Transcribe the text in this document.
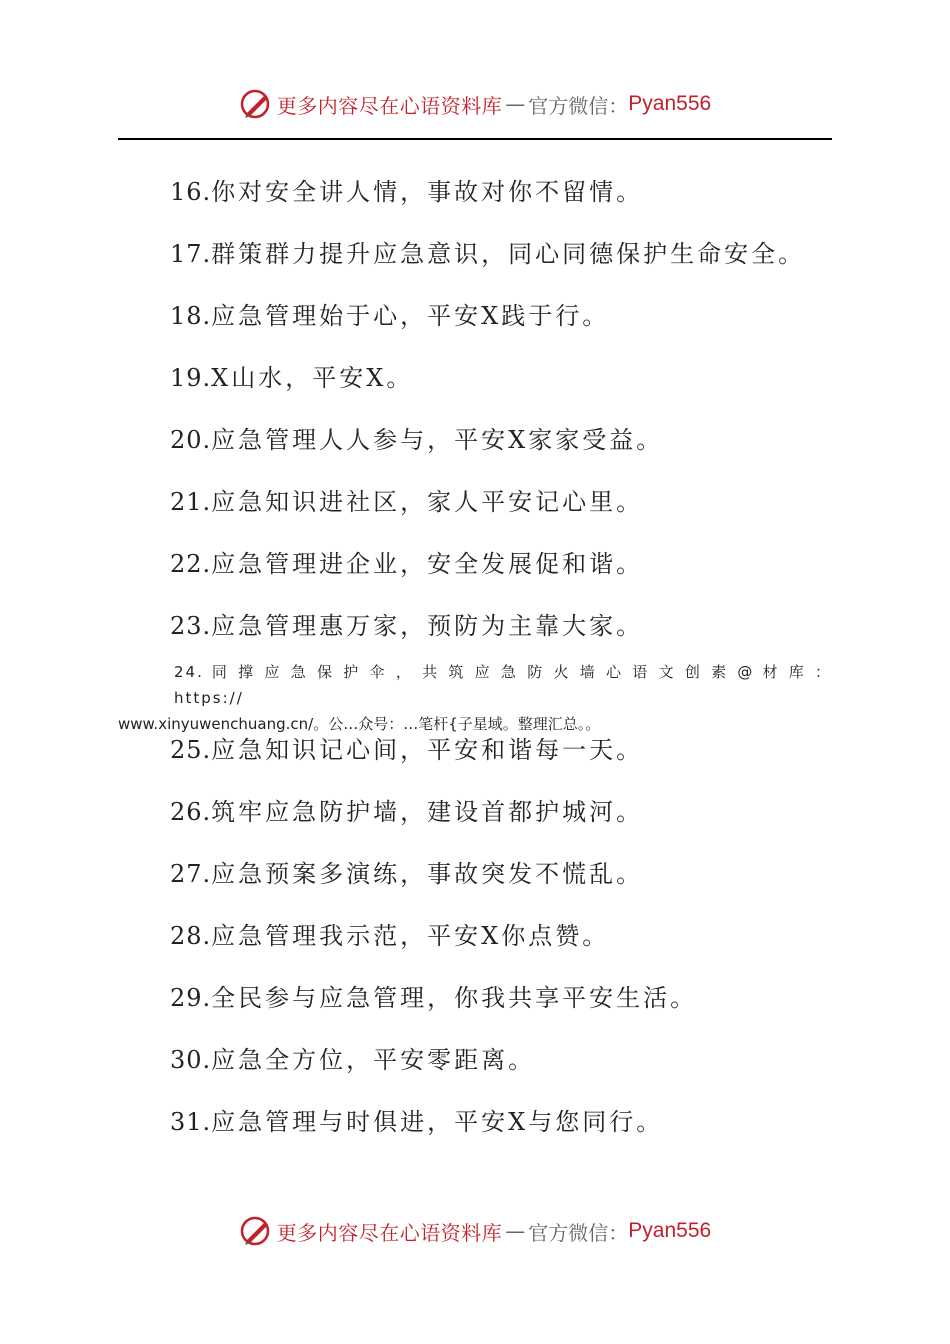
更多内容尽在心语资料库 — 官方微信： Pyan556
16.你对安全讲人情，事故对你不留情。
17.群策群力提升应急意识，同心同德保护生命安全。
18.应急管理始于心，平安X践于行。
19.X山水，平安X。
20.应急管理人人参与，平安X家家受益。
21.应急知识进社区，家人平安记心里。
22.应急管理进企业，安全发展促和谐。
23.应急管理惠万家，预防为主靠大家。
24. 同 撑 应 急 保 护 伞 ， 共 筑 应 急 防 火 墙 心 语 文 创 素 @ 材 库 ： https://
www.xinyuwenchuang.cn/。公…众号：…笔杆{子星域。整理汇总。。
25.应急知识记心间，平安和谐每一天。
26.筑牢应急防护墙，建设首都护城河。
27.应急预案多演练，事故突发不慌乱。
28.应急管理我示范，平安X你点赞。
29.全民参与应急管理，你我共享平安生活。
30.应急全方位，平安零距离。
31.应急管理与时俱进，平安X与您同行。
更多内容尽在心语资料库 — 官方微信： Pyan556
